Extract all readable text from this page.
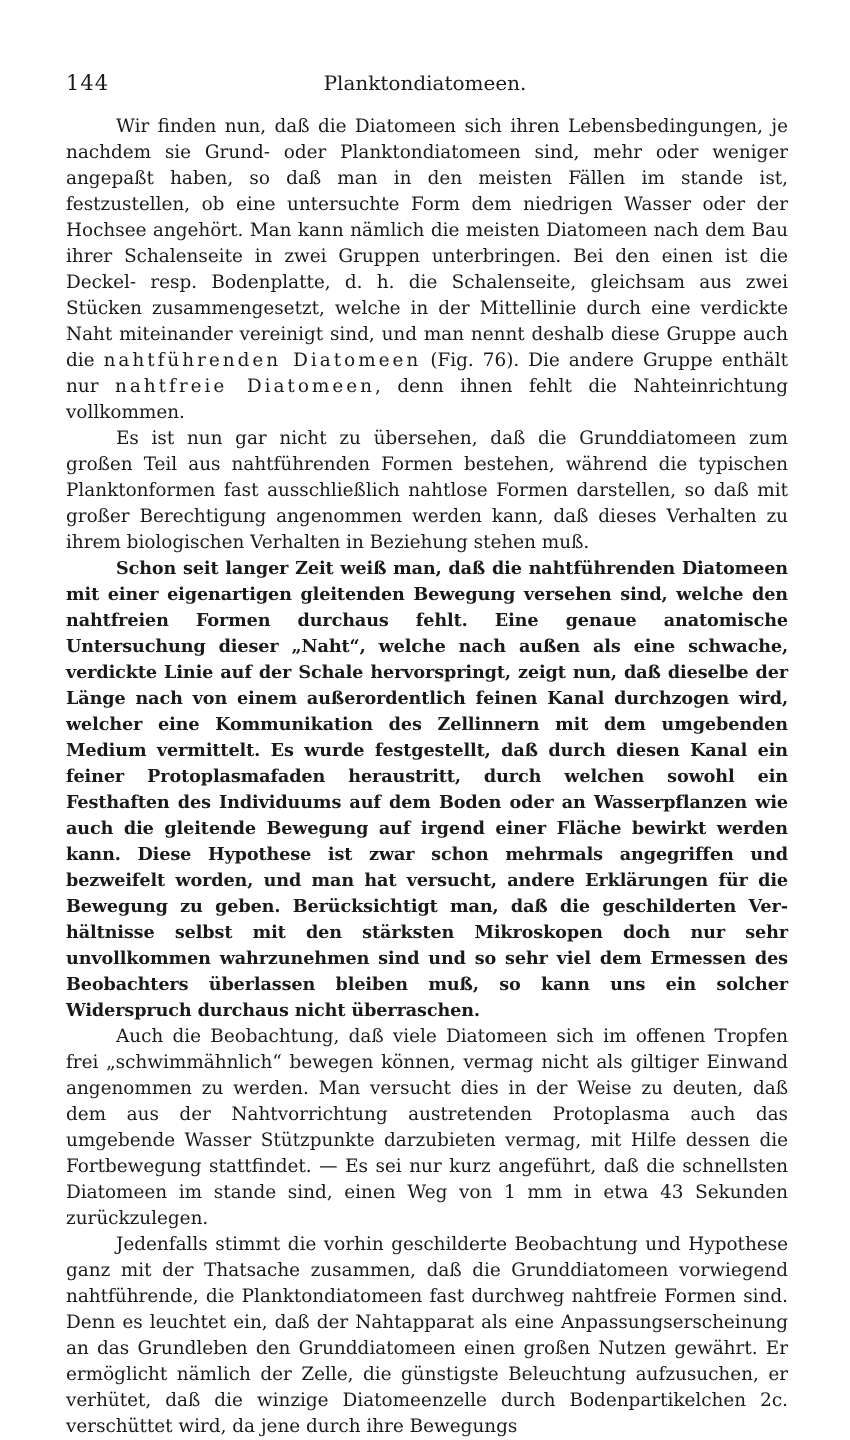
144	Planktondiatomeen.

Wir finden nun, daß die Diatomeen sich ihren Lebensbedingungen, je nachdem sie Grund- oder Planktondiatomeen sind, mehr oder weniger angepaßt haben, so daß man in den meisten Fällen im stande ist, festzustellen, ob eine untersuchte Form dem niedrigen Wasser oder der Hochsee angehört. Man kann nämlich die meisten Diatomeen nach dem Bau ihrer Schalenseite in zwei Gruppen unterbringen. Bei den einen ist die Deckel- resp. Bodenplatte, d. h. die Schalenseite, gleichsam aus zwei Stücken zusammengesetzt, welche in der Mittellinie durch eine verdickte Naht miteinander vereinigt sind, und man nennt deshalb diese Gruppe auch die nahtführenden Diatomeen (Fig. 76). Die andere Gruppe enthält nur nahtfreie Diatomeen, denn ihnen fehlt die Nahteinrichtung vollkommen.

Es ist nun gar nicht zu übersehen, daß die Grunddiatomeen zum großen Teil aus nahtführenden Formen bestehen, während die typischen Planktonformen fast ausschließlich nahtlose Formen darstellen, so daß mit großer Berechtigung angenommen werden kann, daß dieses Verhalten zu ihrem biologischen Verhalten in Beziehung stehen muß.

Schon seit langer Zeit weiß man, daß die nahtführenden Diatomeen mit einer eigenartigen gleitenden Bewegung versehen sind, welche den nahtfreien Formen durchaus fehlt. Eine genaue anatomische Untersuchung dieser „Naht“, welche nach außen als eine schwache, verdickte Linie auf der Schale hervorspringt, zeigt nun, daß dieselbe der Länge nach von einem außerordentlich feinen Kanal durchzogen wird, welcher eine Kommunikation des Zellinnern mit dem umgebenden Medium vermittelt. Es wurde festgestellt, daß durch diesen Kanal ein feiner Protoplasmafaden heraustritt, durch welchen sowohl ein Festhaften des Individuums auf dem Boden oder an Wasserpflanzen wie auch die gleitende Bewegung auf irgend einer Fläche bewirkt werden kann. Diese Hypothese ist zwar schon mehrmals angegriffen und bezweifelt worden, und man hat versucht, andere Erklärungen für die Bewegung zu geben. Berücksichtigt man, daß die geschilderten Verhältnisse selbst mit den stärksten Mikroskopen doch nur sehr unvollkommen wahrzunehmen sind und so sehr viel dem Ermessen des Beobachters überlassen bleiben muß, so kann uns ein solcher Widerspruch durchaus nicht überraschen.

Auch die Beobachtung, daß viele Diatomeen sich im offenen Tropfen frei „schwimmähnlich“ bewegen können, vermag nicht als giltiger Einwand angenommen zu werden. Man versucht dies in der Weise zu deuten, daß dem aus der Nahtvorrichtung austretenden Protoplasma auch das umgebende Wasser Stützpunkte darzubieten vermag, mit Hilfe dessen die Fortbewegung stattfindet. — Es sei nur kurz angeführt, daß die schnellsten Diatomeen im stande sind, einen Weg von 1 mm in etwa 43 Sekunden zurückzulegen.

Jedenfalls stimmt die vorhin geschilderte Beobachtung und Hypothese ganz mit der Thatsache zusammen, daß die Grunddiatomeen vorwiegend nahtführende, die Planktondiatomeen fast durchweg nahtfreie Formen sind. Denn es leuchtet ein, daß der Nahtapparat als eine Anpassungserscheinung an das Grundleben den Grunddiatomeen einen großen Nutzen gewährt. Er ermöglicht nämlich der Zelle, die günstigste Beleuchtung aufzusuchen, er verhütet, daß die winzige Diatomeenzelle durch Bodenpartikelchen 2c. verschüttet wird, da jene durch ihre Bewegungs
